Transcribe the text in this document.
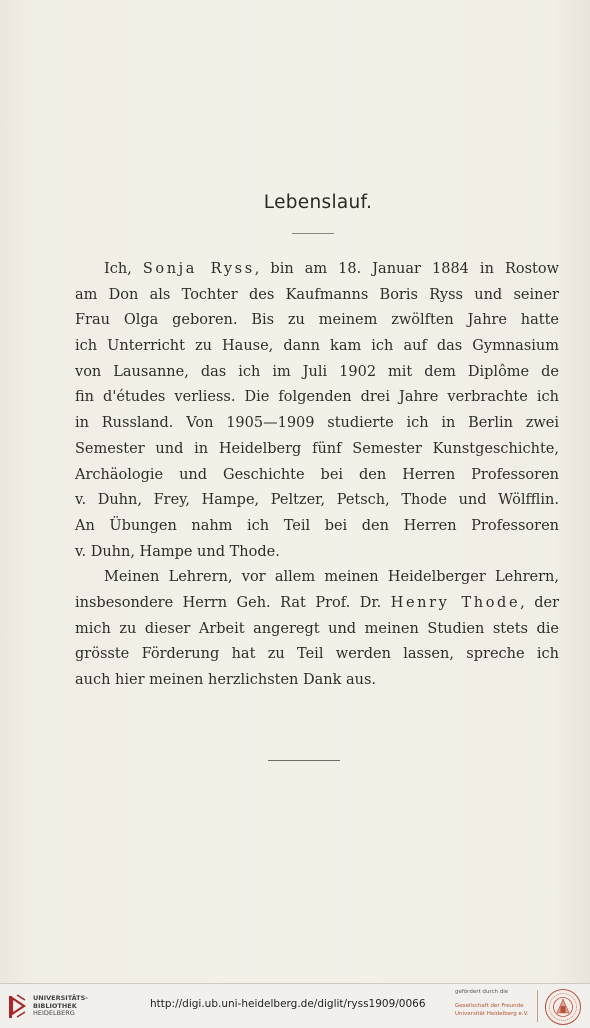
Lebenslauf.
Ich, Sonja Ryss, bin am 18. Januar 1884 in Rostow
am Don als Tochter des Kaufmanns Boris Ryss und seiner
Frau Olga geboren. Bis zu meinem zwölften Jahre hatte
ich Unterricht zu Hause, dann kam ich auf das Gymnasium
von Lausanne, das ich im Juli 1902 mit dem Diplôme de
fin d'études verliess. Die folgenden drei Jahre verbrachte ich
in Russland. Von 1905—1909 studierte ich in Berlin zwei
Semester und in Heidelberg fünf Semester Kunstgeschichte,
Archäologie und Geschichte bei den Herren Professoren
v. Duhn, Frey, Hampe, Peltzer, Petsch, Thode und Wölfflin.
An Übungen nahm ich Teil bei den Herren Professoren
v. Duhn, Hampe und Thode.
Meinen Lehrern, vor allem meinen Heidelberger Lehrern,
insbesondere Herrn Geh. Rat Prof. Dr. Henry Thode, der
mich zu dieser Arbeit angeregt und meinen Studien stets die
grösste Förderung hat zu Teil werden lassen, spreche ich
auch hier meinen herzlichsten Dank aus.
UNIVERSITÄTS-
BIBLIOTHEK
HEIDELBERG
http://digi.ub.uni-heidelberg.de/diglit/ryss1909/0066
gefördert durch die
Gesellschaft der Freunde
Universität Heidelberg e.V.
